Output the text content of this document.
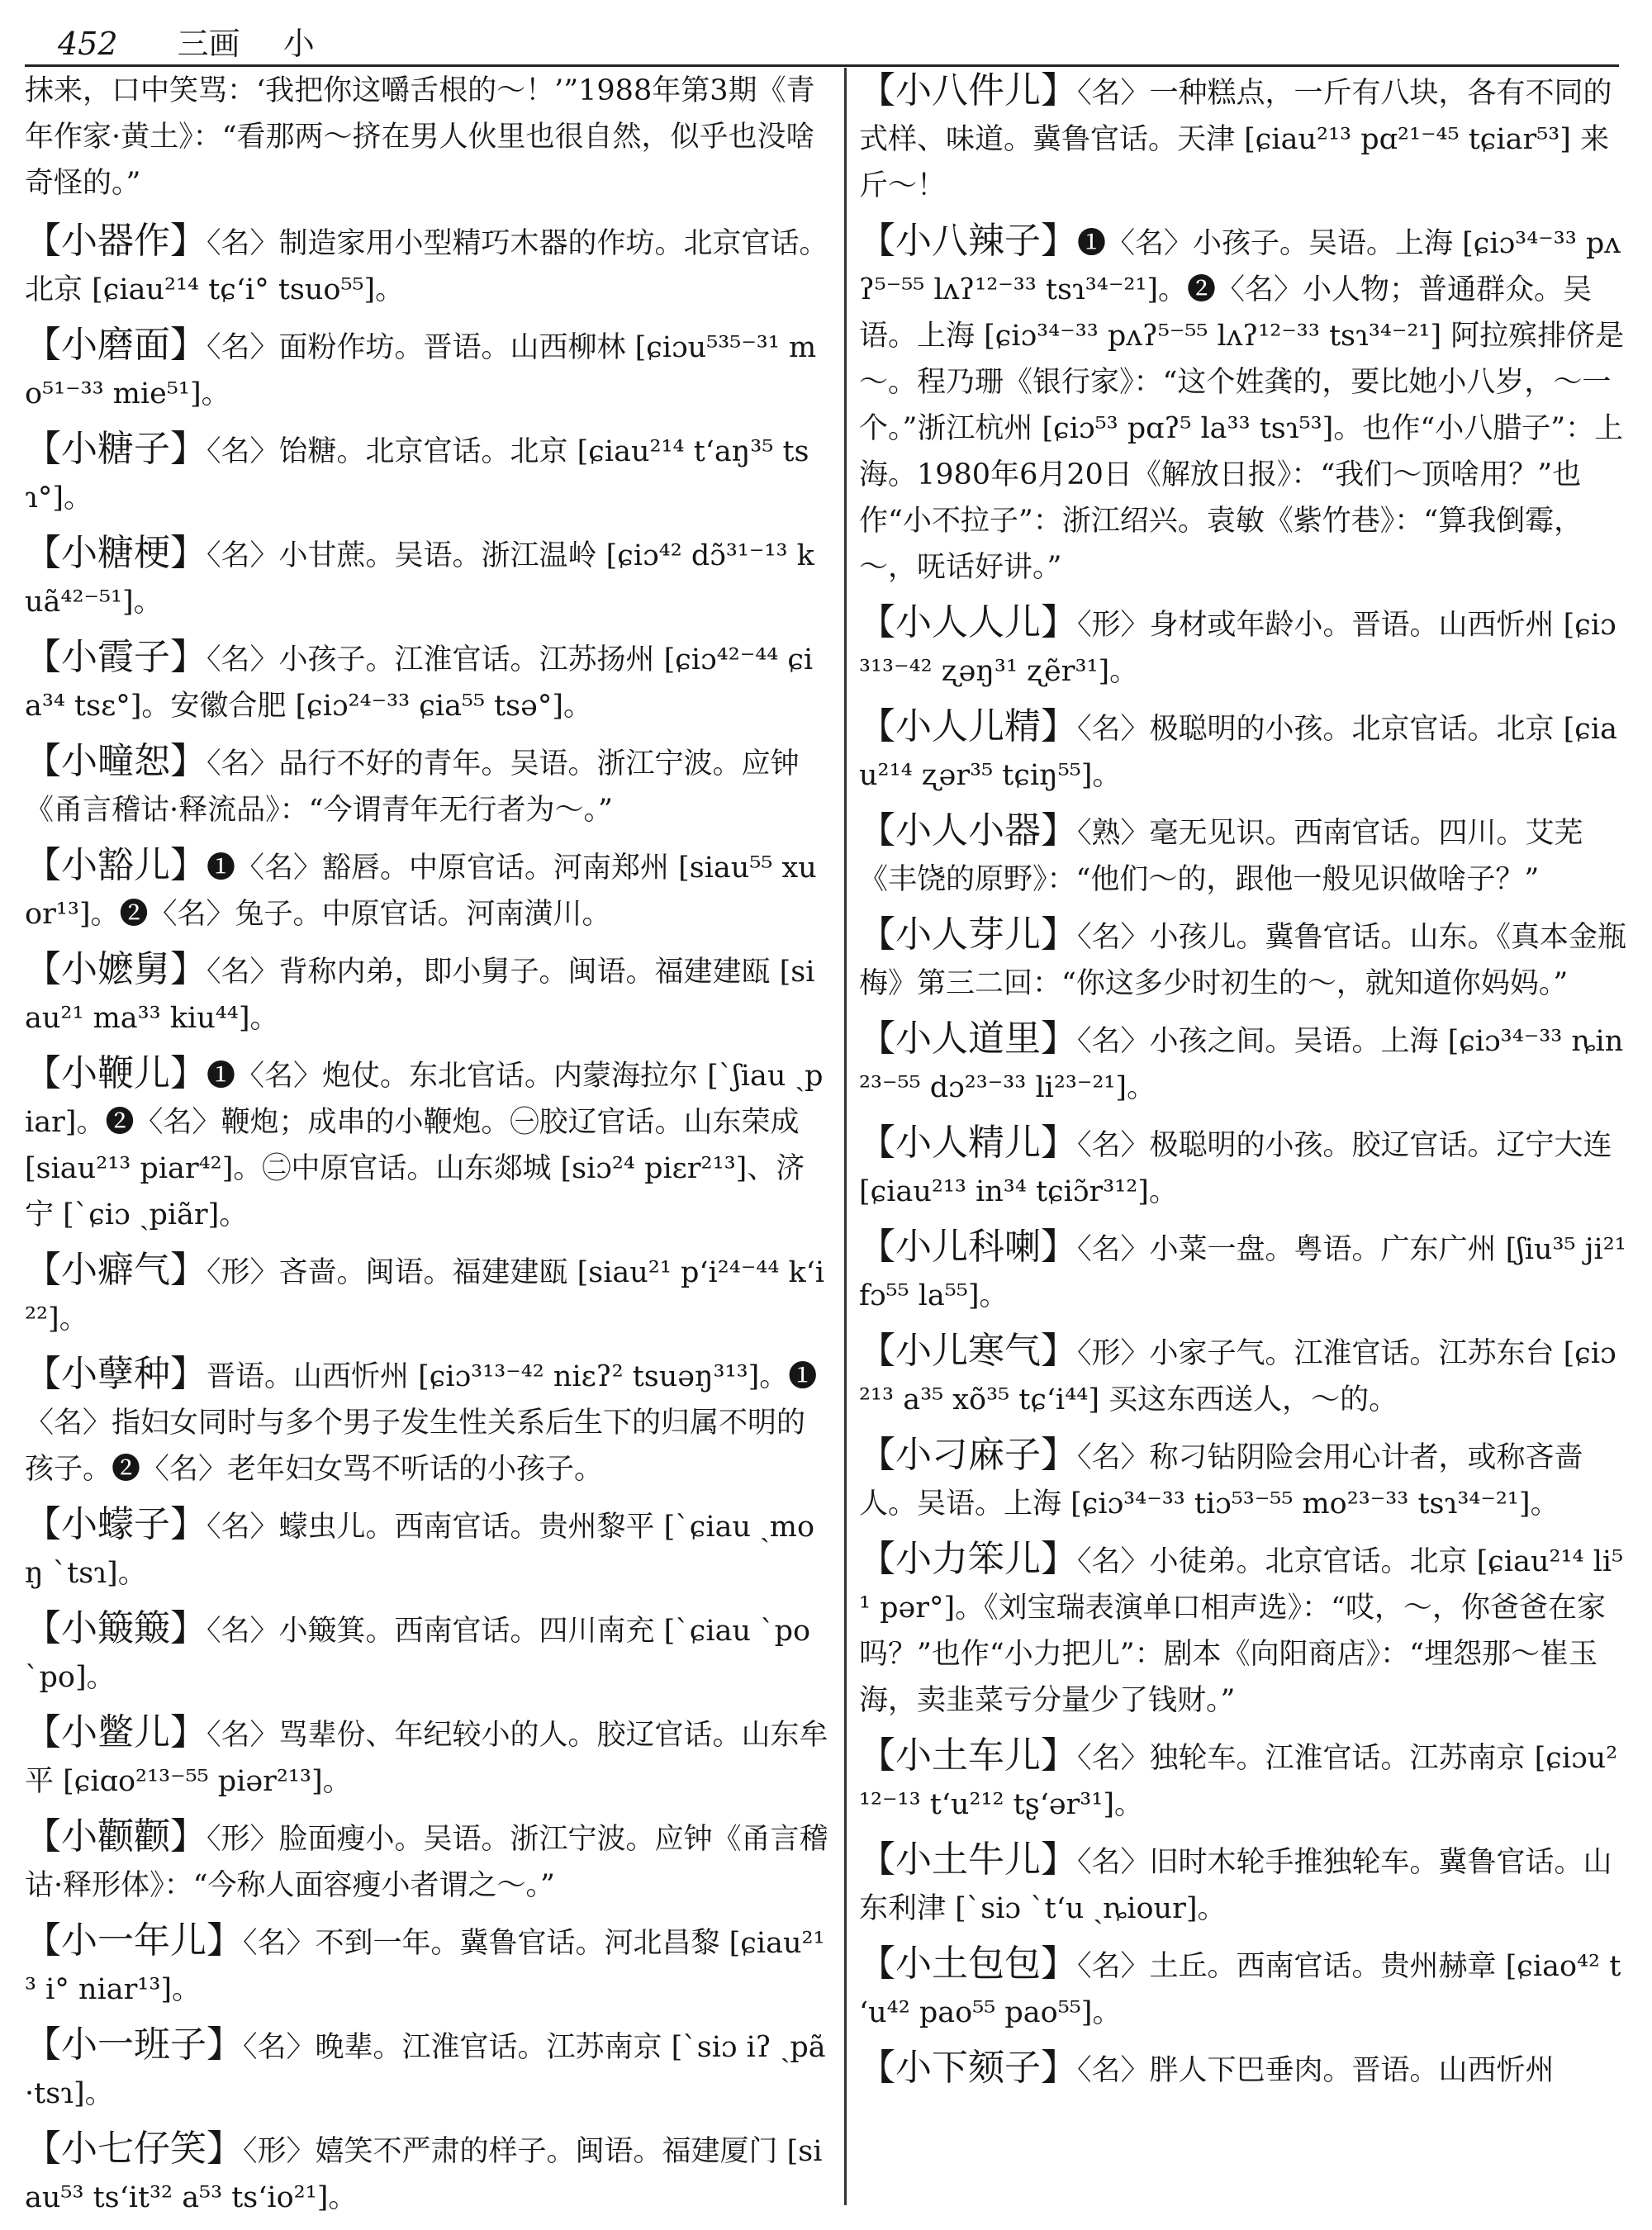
452 三画 小
抹来，口中笑骂：‘我把你这嚼舌根的～！’”1988年第3期《青年作家·黄土》：“看那两～挤在男人伙里也很自然，似乎也没啥奇怪的。”
【小器作】〈名〉制造家用小型精巧木器的作坊。北京官话。北京 [ɕiau²¹⁴ tɕʻi° tsuo⁵⁵]。
【小磨面】〈名〉面粉作坊。晋语。山西柳林 [ɕiɔu⁵³⁵⁻³¹ mo⁵¹⁻³³ mie⁵¹]。
【小糖子】〈名〉饴糖。北京官话。北京 [ɕiau²¹⁴ tʻaŋ³⁵ tsɿ°]。
【小糖梗】〈名〉小甘蔗。吴语。浙江温岭 [ɕiɔ⁴² dɔ̃³¹⁻¹³ kuã⁴²⁻⁵¹]。
【小霞子】〈名〉小孩子。江淮官话。江苏扬州 [ɕiɔ⁴²⁻⁴⁴ ɕia³⁴ tsɛ°]。安徽合肥 [ɕiɔ²⁴⁻³³ ɕia⁵⁵ tsə°]。
【小疃恕】〈名〉品行不好的青年。吴语。浙江宁波。应钟《甬言稽诂·释流品》：“今谓青年无行者为～。”
【小豁儿】❶〈名〉豁唇。中原官话。河南郑州 [siau⁵⁵ xuor¹³]。❷〈名〉兔子。中原官话。河南潢川。
【小嬷舅】〈名〉背称内弟，即小舅子。闽语。福建建瓯 [siau²¹ ma³³ kiu⁴⁴]。
【小鞭儿】❶〈名〉炮仗。东北官话。内蒙海拉尔 [ˋʃiau ˏpiar]。❷〈名〉鞭炮；成串的小鞭炮。㊀胶辽官话。山东荣成 [siau²¹³ piar⁴²]。㊁中原官话。山东郯城 [siɔ²⁴ piɛr²¹³]、济宁 [ˋɕiɔ ˏpiãr]。
【小癖气】〈形〉吝啬。闽语。福建建瓯 [siau²¹ pʻi²⁴⁻⁴⁴ kʻi²²]。
【小孽种】晋语。山西忻州 [ɕiɔ³¹³⁻⁴² niɛʔ² tsuəŋ³¹³]。❶〈名〉指妇女同时与多个男子发生性关系后生下的归属不明的孩子。❷〈名〉老年妇女骂不听话的小孩子。
【小蠓子】〈名〉蠓虫儿。西南官话。贵州黎平 [ˋɕiau ˏmoŋ ˋtsɿ]。
【小簸簸】〈名〉小簸箕。西南官话。四川南充 [ˋɕiau ˋpo ˋpo]。
【小鳖儿】〈名〉骂辈份、年纪较小的人。胶辽官话。山东牟平 [ɕiɑo²¹³⁻⁵⁵ piər²¹³]。
【小颧颧】〈形〉脸面瘦小。吴语。浙江宁波。应钟《甬言稽诂·释形体》：“今称人面容瘦小者谓之～。”
【小一年儿】〈名〉不到一年。冀鲁官话。河北昌黎 [ɕiau²¹³ i° niar¹³]。
【小一班子】〈名〉晚辈。江淮官话。江苏南京 [ˋsiɔ iʔ ˏpã ·tsɿ]。
【小七仔笑】〈形〉嬉笑不严肃的样子。闽语。福建厦门 [siau⁵³ tsʻit³² a⁵³ tsʻio²¹]。
【小八件儿】〈名〉一种糕点，一斤有八块，各有不同的式样、味道。冀鲁官话。天津 [ɕiau²¹³ pɑ²¹⁻⁴⁵ tɕiar⁵³] 来斤～！
【小八辣子】❶〈名〉小孩子。吴语。上海 [ɕiɔ³⁴⁻³³ pʌʔ⁵⁻⁵⁵ lʌʔ¹²⁻³³ tsɿ³⁴⁻²¹]。❷〈名〉小人物；普通群众。吴语。上海 [ɕiɔ³⁴⁻³³ pʌʔ⁵⁻⁵⁵ lʌʔ¹²⁻³³ tsɿ³⁴⁻²¹] 阿拉殡排侪是～。程乃珊《银行家》：“这个姓龚的，要比她小八岁，～一个。”浙江杭州 [ɕiɔ⁵³ pɑʔ⁵ la³³ tsɿ⁵³]。也作“小八腊子”：上海。1980年6月20日《解放日报》：“我们～顶啥用？”也作“小不拉子”：浙江绍兴。袁敏《紫竹巷》：“算我倒霉，～，呒话好讲。”
【小人人儿】〈形〉身材或年龄小。晋语。山西忻州 [ɕiɔ³¹³⁻⁴² ʐəŋ³¹ ʐẽr³¹]。
【小人儿精】〈名〉极聪明的小孩。北京官话。北京 [ɕiau²¹⁴ ʐər³⁵ tɕiŋ⁵⁵]。
【小人小器】〈熟〉毫无见识。西南官话。四川。艾芜《丰饶的原野》：“他们～的，跟他一般见识做啥子？”
【小人芽儿】〈名〉小孩儿。冀鲁官话。山东。《真本金瓶梅》第三二回：“你这多少时初生的～，就知道你妈妈。”
【小人道里】〈名〉小孩之间。吴语。上海 [ɕiɔ³⁴⁻³³ ȵin²³⁻⁵⁵ dɔ²³⁻³³ li²³⁻²¹]。
【小人精儿】〈名〉极聪明的小孩。胶辽官话。辽宁大连 [ɕiau²¹³ in³⁴ tɕiɔ̃r³¹²]。
【小儿科喇】〈名〉小菜一盘。粤语。广东广州 [ʃiu³⁵ ji²¹ fɔ⁵⁵ la⁵⁵]。
【小儿寒气】〈形〉小家子气。江淮官话。江苏东台 [ɕiɔ²¹³ a³⁵ xõ³⁵ tɕʻi⁴⁴] 买这东西送人，～的。
【小刁麻子】〈名〉称刁钻阴险会用心计者，或称吝啬人。吴语。上海 [ɕiɔ³⁴⁻³³ tiɔ⁵³⁻⁵⁵ mo²³⁻³³ tsɿ³⁴⁻²¹]。
【小力笨儿】〈名〉小徒弟。北京官话。北京 [ɕiau²¹⁴ li⁵¹ pər°]。《刘宝瑞表演单口相声选》：“哎，～，你爸爸在家吗？”也作“小力把儿”：剧本《向阳商店》：“埋怨那～崔玉海，卖韭菜亏分量少了钱财。”
【小土车儿】〈名〉独轮车。江淮官话。江苏南京 [ɕiɔu²¹²⁻¹³ tʻu²¹² tʂʻər³¹]。
【小土牛儿】〈名〉旧时木轮手推独轮车。冀鲁官话。山东利津 [ˋsiɔ ˋtʻu ˏȵiour]。
【小土包包】〈名〉土丘。西南官话。贵州赫章 [ɕiao⁴² tʻu⁴² pao⁵⁵ pao⁵⁵]。
【小下颏子】〈名〉胖人下巴垂肉。晋语。山西忻州
